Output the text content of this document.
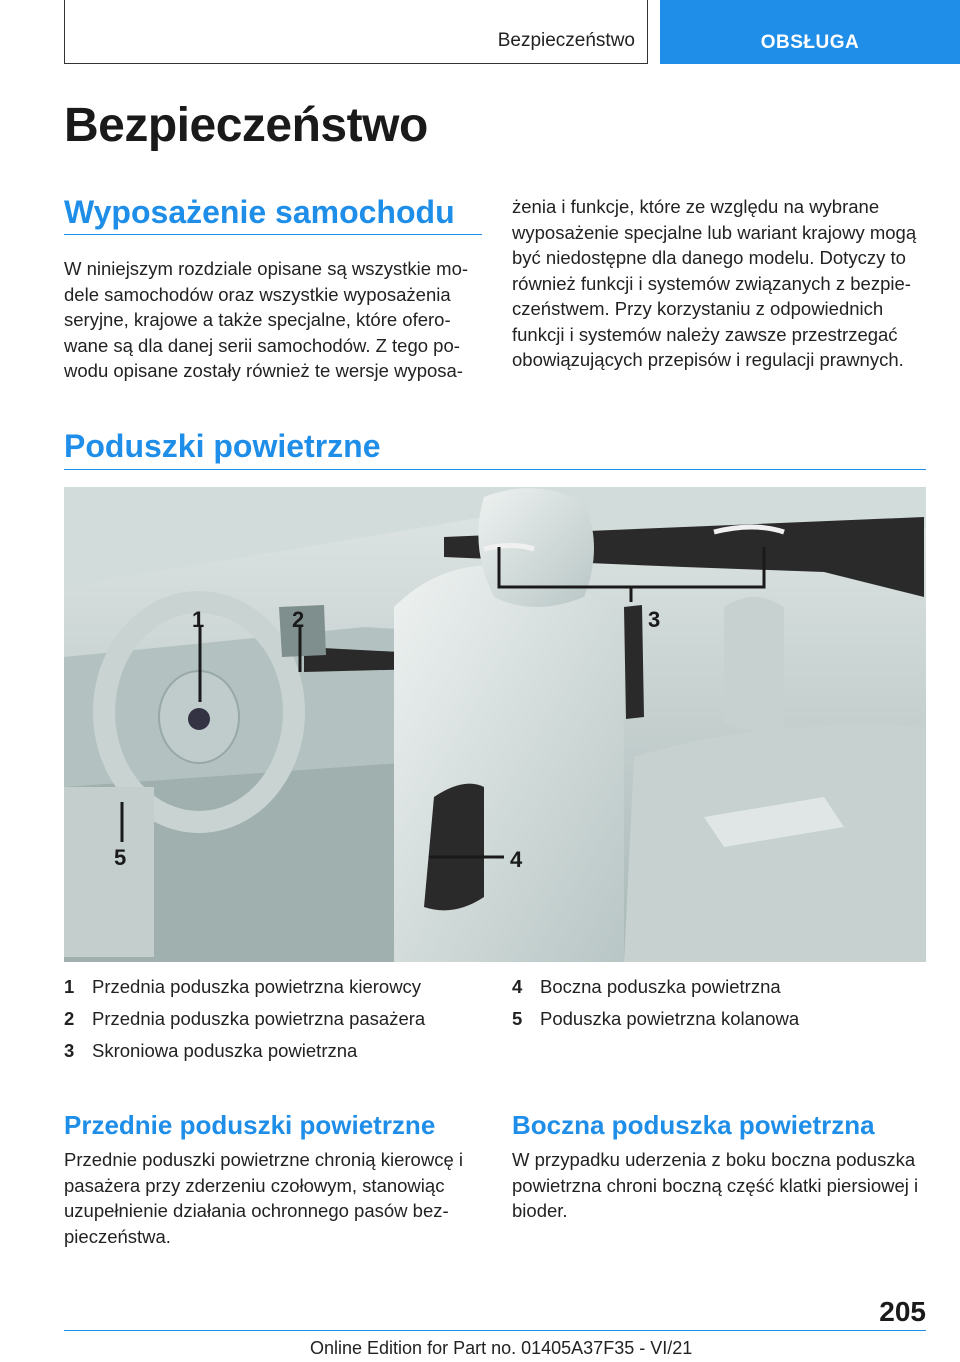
Bezpieczeństwo	OBSŁUGA
Bezpieczeństwo
Wyposażenie samochodu

W niniejszym rozdziale opisane są wszystkie mo-dele samochodów oraz wszystkie wyposażenia seryjne, krajowe a także specjalne, które ofero-wane są dla danej serii samochodów. Z tego po-wodu opisane zostały również te wersje wyposa-

żenia i funkcje, które ze względu na wybrane wyposażenie specjalne lub wariant krajowy mogą być niedostępne dla danego modelu. Dotyczy to również funkcji i systemów związanych z bezpie-czeństwem. Przy korzystaniu z odpowiednich funkcji i systemów należy zawsze przestrzegać obowiązujących przepisów i regulacji prawnych.

Poduszki powietrzne
1	2	3
4
5
1 Przednia poduszka powietrzna kierowcy
2 Przednia poduszka powietrzna pasażera
3 Skroniowa poduszka powietrzna
4 Boczna poduszka powietrzna
5 Poduszka powietrzna kolanowa
Przednie poduszki powietrzne

Przednie poduszki powietrzne chronią kierowcę i pasażera przy zderzeniu czołowym, stanowiąc uzupełnienie działania ochronnego pasów bez-pieczeństwa.

Boczna poduszka powietrzna

W przypadku uderzenia z boku boczna poduszka powietrzna chroni boczną część klatki piersiowej i bioder.

205
Online Edition for Part no. 01405A37F35 - VI/21
